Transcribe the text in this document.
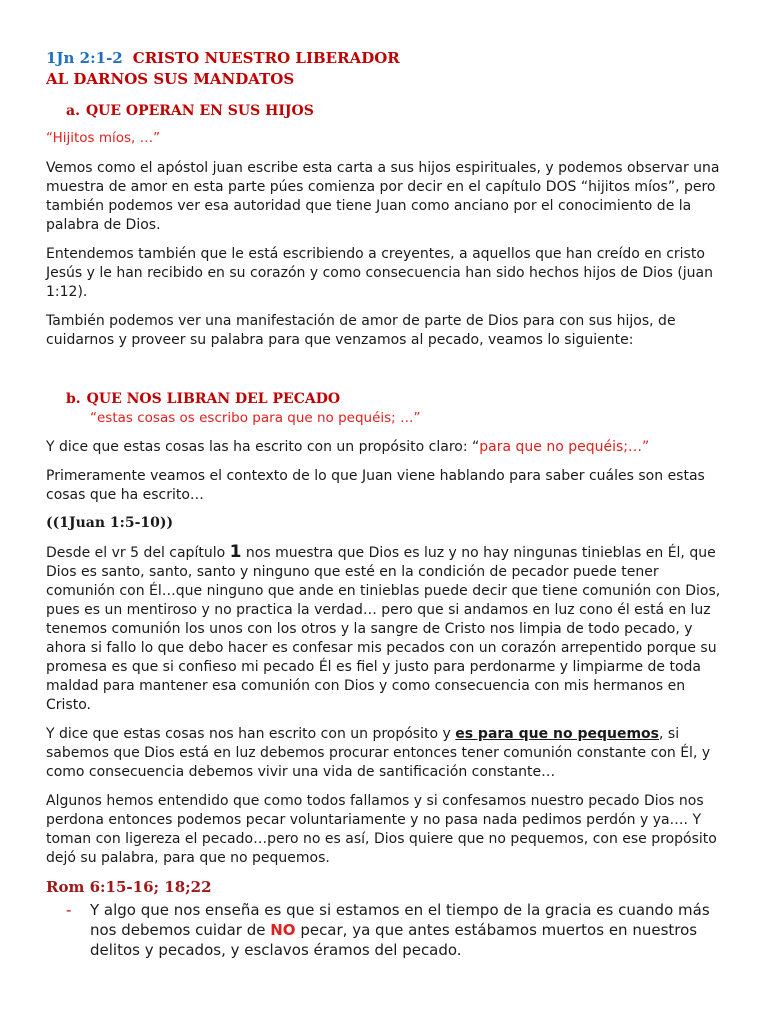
1Jn 2:1-2 CRISTO NUESTRO LIBERADOR
AL DARNOS SUS MANDATOS
a. QUE OPERAN EN SUS HIJOS

“Hijitos míos, …”

Vemos como el apóstol juan escribe esta carta a sus hijos espirituales, y podemos observar una muestra de amor en esta parte púes comienza por decir en el capítulo DOS “hijitos míos”, pero también podemos ver esa autoridad que tiene Juan como anciano por el conocimiento de la palabra de Dios.

Entendemos también que le está escribiendo a creyentes, a aquellos que han creído en cristo Jesús y le han recibido en su corazón y como consecuencia han sido hechos hijos de Dios (juan 1:12).

También podemos ver una manifestación de amor de parte de Dios para con sus hijos, de cuidarnos y proveer su palabra para que venzamos al pecado, veamos lo siguiente:

b. QUE NOS LIBRAN DEL PECADO

“estas cosas os escribo para que no pequéis; …”

Y dice que estas cosas las ha escrito con un propósito claro: “para que no pequéis;…”

Primeramente veamos el contexto de lo que Juan viene hablando para saber cuáles son estas cosas que ha escrito…

((1Juan 1:5-10))

Desde el vr 5 del capítulo 1 nos muestra que Dios es luz y no hay ningunas tinieblas en Él, que Dios es santo, santo, santo y ninguno que esté en la condición de pecador puede tener comunión con Él…que ninguno que ande en tinieblas puede decir que tiene comunión con Dios, pues es un mentiroso y no practica la verdad… pero que si andamos en luz cono él está en luz tenemos comunión los unos con los otros y la sangre de Cristo nos limpia de todo pecado, y ahora si fallo lo que debo hacer es confesar mis pecados con un corazón arrepentido porque su promesa es que si confieso mi pecado Él es fiel y justo para perdonarme y limpiarme de toda maldad para mantener esa comunión con Dios y como consecuencia con mis hermanos en Cristo.

Y dice que estas cosas nos han escrito con un propósito y es para que no pequemos, si sabemos que Dios está en luz debemos procurar entonces tener comunión constante con Él, y como consecuencia debemos vivir una vida de santificación constante…

Algunos hemos entendido que como todos fallamos y si confesamos nuestro pecado Dios nos perdona entonces podemos pecar voluntariamente y no pasa nada pedimos perdón y ya…. Y toman con ligereza el pecado…pero no es así, Dios quiere que no pequemos, con ese propósito dejó su palabra, para que no pequemos.

Rom 6:15-16; 18;22

-	Y algo que nos enseña es que si estamos en el tiempo de la gracia es cuando más nos debemos cuidar de NO pecar, ya que antes estábamos muertos en nuestros delitos y pecados, y esclavos éramos del pecado.
